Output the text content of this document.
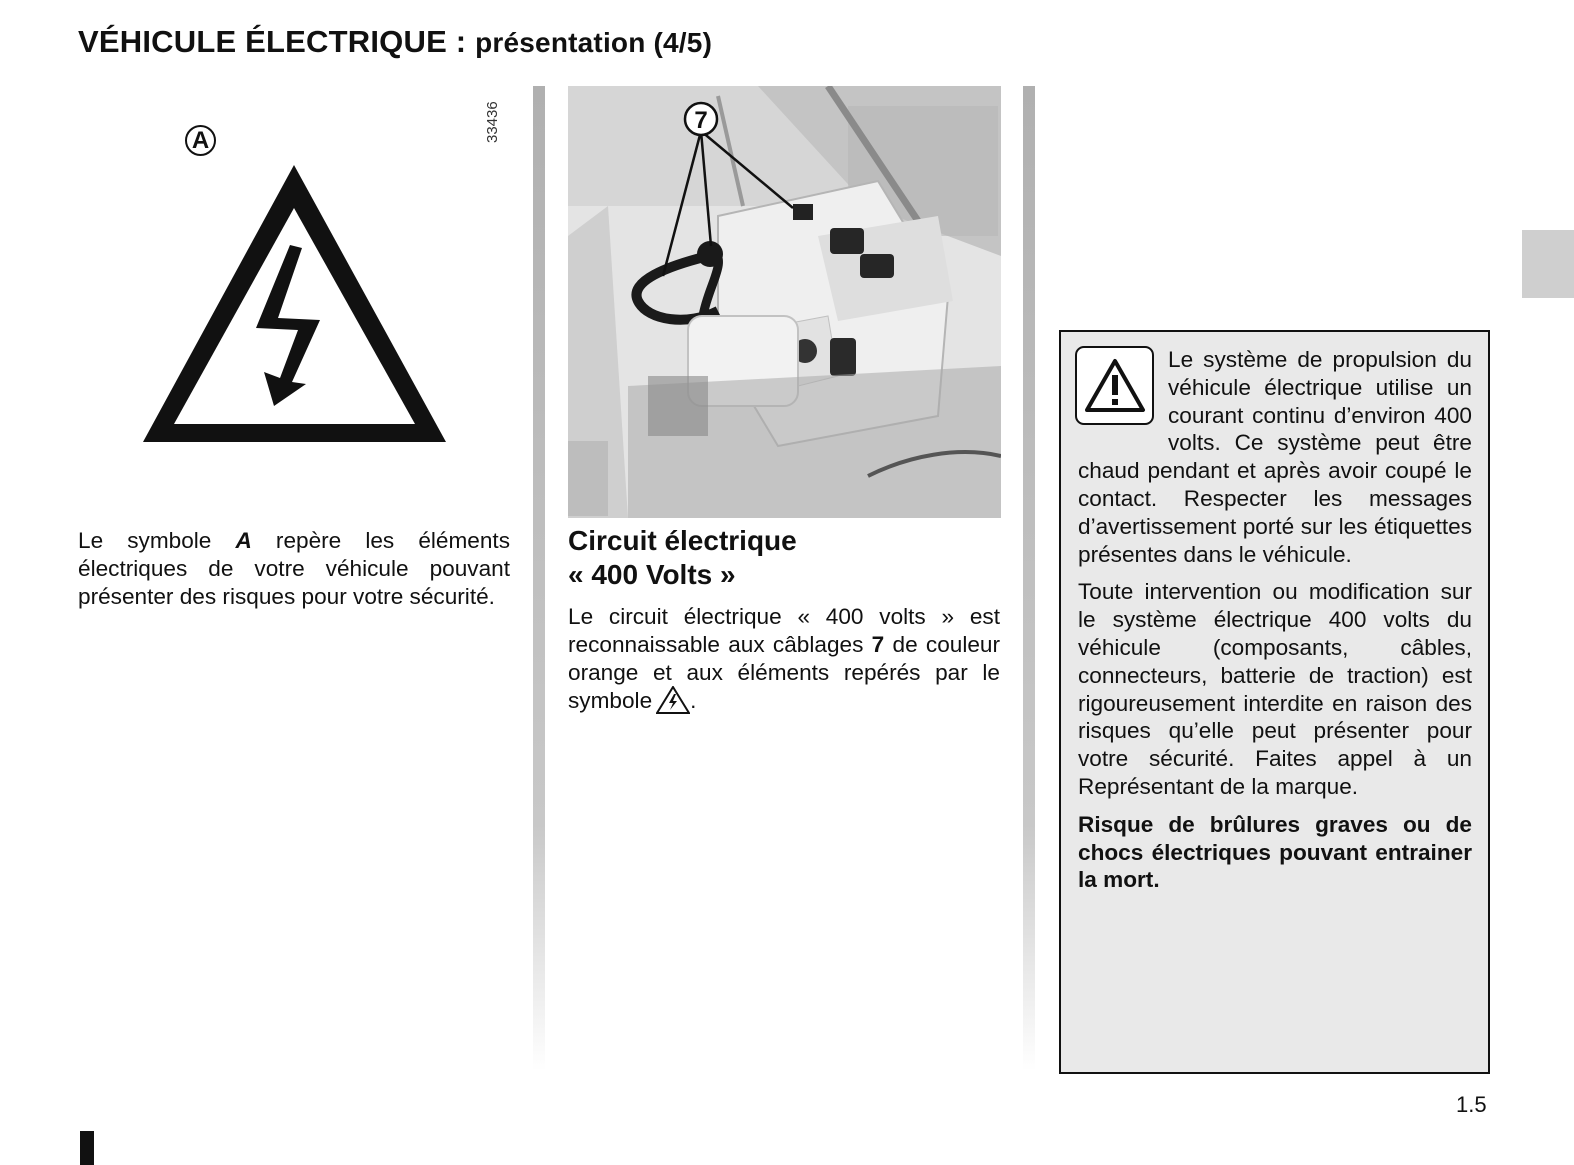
VÉHICULE ÉLECTRIQUE : présentation (4/5)
33436
A

Le symbole A repère les éléments électriques de votre véhicule pouvant présenter des risques pour votre sécurité.

7
Circuit électrique
« 400 Volts »

Le circuit électrique « 400 volts » est reconnaissable aux câblages 7 de couleur orange et aux éléments repérés par le symbole .

Le système de propulsion du véhicule électrique utilise un courant continu d’environ 400 volts. Ce système peut être chaud pendant et après avoir coupé le contact. Respecter les messages d’avertissement porté sur les étiquettes présentes dans le véhicule.

Toute intervention ou modification sur le système électrique 400 volts du véhicule (composants, câbles, connecteurs, batterie de traction) est rigoureusement interdite en raison des risques qu’elle peut présenter pour votre sécurité. Faites appel à un Représentant de la marque.

Risque de brûlures graves ou de chocs électriques pouvant entrainer la mort.

1.5
